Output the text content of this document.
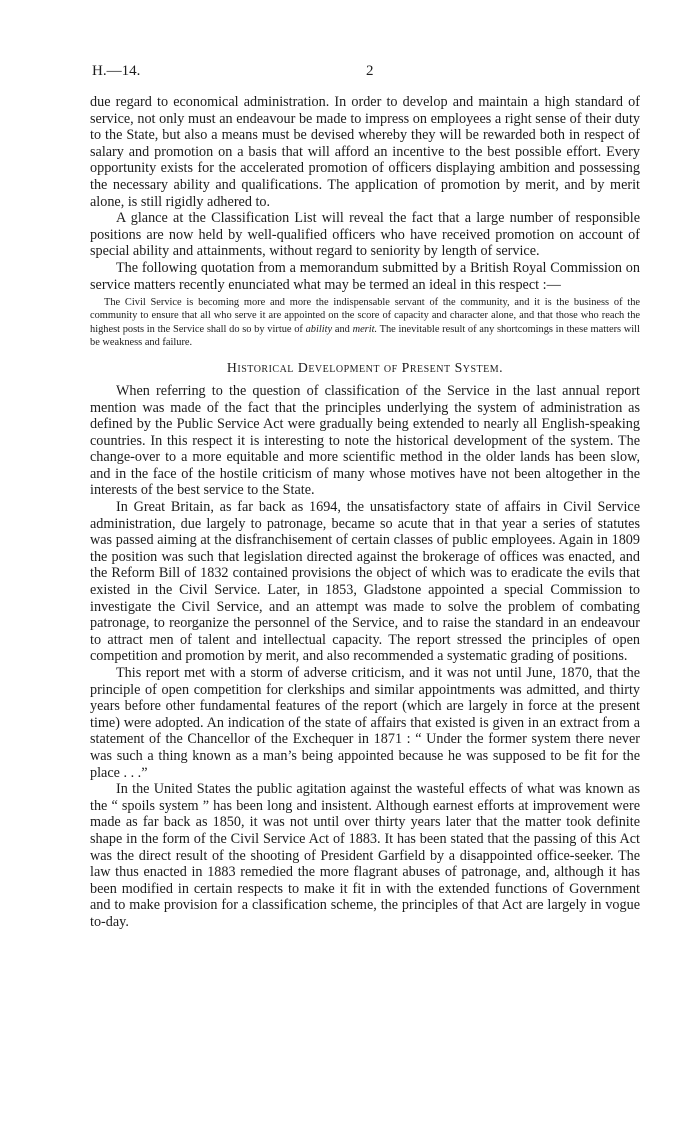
H.—14.	2

due regard to economical administration. In order to develop and maintain a high standard of service, not only must an endeavour be made to impress on employees a right sense of their duty to the State, but also a means must be devised whereby they will be rewarded both in respect of salary and promotion on a basis that will afford an incentive to the best possible effort. Every opportunity exists for the accelerated promotion of officers displaying ambition and possessing the necessary ability and qualifications. The application of promotion by merit, and by merit alone, is still rigidly adhered to.

A glance at the Classification List will reveal the fact that a large number of responsible positions are now held by well-qualified officers who have received promotion on account of special ability and attainments, without regard to seniority by length of service.

The following quotation from a memorandum submitted by a British Royal Commission on service matters recently enunciated what may be termed an ideal in this respect :—

The Civil Service is becoming more and more the indispensable servant of the community, and it is the business of the community to ensure that all who serve it are appointed on the score of capacity and character alone, and that those who reach the highest posts in the Service shall do so by virtue of ability and merit. The inevitable result of any shortcomings in these matters will be weakness and failure.

Historical Development of Present System.

When referring to the question of classification of the Service in the last annual report mention was made of the fact that the principles underlying the system of administration as defined by the Public Service Act were gradually being extended to nearly all English-speaking countries. In this respect it is interesting to note the historical development of the system. The change-over to a more equitable and more scientific method in the older lands has been slow, and in the face of the hostile criticism of many whose motives have not been altogether in the interests of the best service to the State.

In Great Britain, as far back as 1694, the unsatisfactory state of affairs in Civil Service administration, due largely to patronage, became so acute that in that year a series of statutes was passed aiming at the disfranchisement of certain classes of public employees. Again in 1809 the position was such that legislation directed against the brokerage of offices was enacted, and the Reform Bill of 1832 contained provisions the object of which was to eradicate the evils that existed in the Civil Service. Later, in 1853, Gladstone appointed a special Commission to investigate the Civil Service, and an attempt was made to solve the problem of combating patronage, to reorganize the personnel of the Service, and to raise the standard in an endeavour to attract men of talent and intellectual capacity. The report stressed the principles of open competition and promotion by merit, and also recommended a systematic grading of positions.

This report met with a storm of adverse criticism, and it was not until June, 1870, that the principle of open competition for clerkships and similar appointments was admitted, and thirty years before other fundamental features of the report (which are largely in force at the present time) were adopted. An indication of the state of affairs that existed is given in an extract from a statement of the Chancellor of the Exchequer in 1871 : “ Under the former system there never was such a thing known as a man’s being appointed because he was supposed to be fit for the place . . .”

In the United States the public agitation against the wasteful effects of what was known as the “ spoils system ” has been long and insistent. Although earnest efforts at improvement were made as far back as 1850, it was not until over thirty years later that the matter took definite shape in the form of the Civil Service Act of 1883. It has been stated that the passing of this Act was the direct result of the shooting of President Garfield by a disappointed office-seeker. The law thus enacted in 1883 remedied the more flagrant abuses of patronage, and, although it has been modified in certain respects to make it fit in with the extended functions of Government and to make provision for a classification scheme, the principles of that Act are largely in vogue to-day.
